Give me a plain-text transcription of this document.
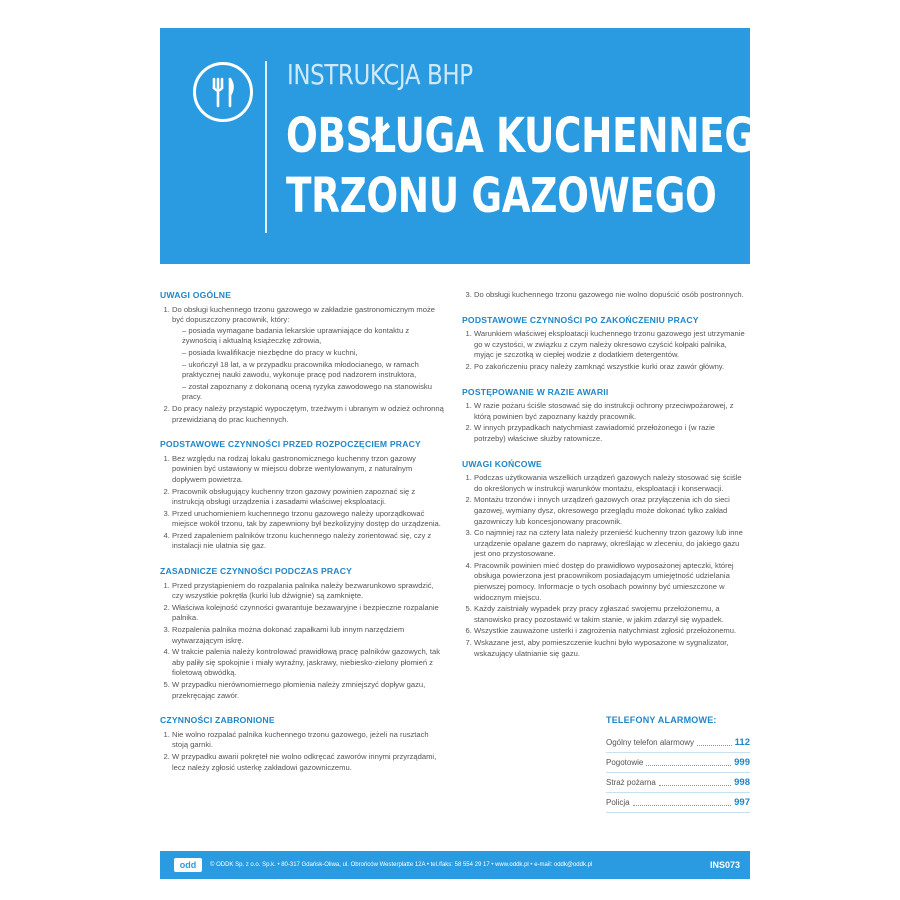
INSTRUKCJA BHP
OBSŁUGA KUCHENNEGO
TRZONU GAZOWEGO
UWAGI OGÓLNE
1. Do obsługi kuchennego trzonu gazowego w zakładzie gastronomicznym może być dopuszczony pracownik, który:
– posiada wymagane badania lekarskie uprawniające do kontaktu z żywnością i aktualną książeczkę zdrowia,
– posiada kwalifikacje niezbędne do pracy w kuchni,
– ukończył 18 lat, a w przypadku pracownika młodocianego, w ramach praktycznej nauki zawodu, wykonuje pracę pod nadzorem instruktora,
– został zapoznany z dokonaną oceną ryzyka zawodowego na stanowisku pracy.
2. Do pracy należy przystąpić wypoczętym, trzeźwym i ubranym w odzież ochronną przewidzianą do prac kuchennych.
PODSTAWOWE CZYNNOŚCI PRZED ROZPOCZĘCIEM PRACY
1. Bez względu na rodzaj lokalu gastronomicznego kuchenny trzon gazowy powinien być ustawiony w miejscu dobrze wentylowanym, z naturalnym dopływem powietrza.
2. Pracownik obsługujący kuchenny trzon gazowy powinien zapoznać się z instrukcją obsługi urządzenia i zasadami właściwej eksploatacji.
3. Przed uruchomieniem kuchennego trzonu gazowego należy uporządkować miejsce wokół trzonu, tak by zapewniony był bezkolizyjny dostęp do urządzenia.
4. Przed zapaleniem palników trzonu kuchennego należy zorientować się, czy z instalacji nie ulatnia się gaz.
ZASADNICZE CZYNNOŚCI PODCZAS PRACY
1. Przed przystąpieniem do rozpalania palnika należy bezwarunkowo sprawdzić, czy wszystkie pokrętła (kurki lub dźwignie) są zamknięte.
2. Właściwa kolejność czynności gwarantuje bezawaryjne i bezpieczne rozpalanie palnika.
3. Rozpalenia palnika można dokonać zapałkami lub innym narzędziem wytwarzającym iskrę.
4. W trakcie palenia należy kontrolować prawidłową pracę palników gazowych, tak aby paliły się spokojnie i miały wyraźny, jaskrawy, niebiesko-zielony płomień z fioletową obwódką.
5. W przypadku nierównomiernego płomienia należy zmniejszyć dopływ gazu, przekręcając zawór.
CZYNNOŚCI ZABRONIONE
1. Nie wolno rozpalać palnika kuchennego trzonu gazowego, jeżeli na rusztach stoją garnki.
2. W przypadku awarii pokręteł nie wolno odkręcać zaworów innymi przyrządami, lecz należy zgłosić usterkę zakładowi gazowniczemu.
3. Do obsługi kuchennego trzonu gazowego nie wolno dopuścić osób postronnych.
PODSTAWOWE CZYNNOŚCI PO ZAKOŃCZENIU PRACY
1. Warunkiem właściwej eksploatacji kuchennego trzonu gazowego jest utrzymanie go w czystości, w związku z czym należy okresowo czyścić kołpaki palnika, myjąc je szczotką w ciepłej wodzie z dodatkiem detergentów.
2. Po zakończeniu pracy należy zamknąć wszystkie kurki oraz zawór główny.
POSTĘPOWANIE W RAZIE AWARII
1. W razie pożaru ściśle stosować się do instrukcji ochrony przeciwpożarowej, z którą powinien być zapoznany każdy pracownik.
2. W innych przypadkach natychmiast zawiadomić przełożonego i (w razie potrzeby) właściwe służby ratownicze.
UWAGI KOŃCOWE
1. Podczas użytkowania wszelkich urządzeń gazowych należy stosować się ściśle do określonych w instrukcji warunków montażu, eksploatacji i konserwacji.
2. Montażu trzonów i innych urządzeń gazowych oraz przyłączenia ich do sieci gazowej, wymiany dysz, okresowego przeglądu może dokonać tylko zakład gazowniczy lub koncesjonowany pracownik.
3. Co najmniej raz na cztery lata należy przenieść kuchenny trzon gazowy lub inne urządzenie opalane gazem do naprawy, określając w zleceniu, do jakiego gazu jest ono przystosowane.
4. Pracownik powinien mieć dostęp do prawidłowo wyposażonej apteczki, której obsługa powierzona jest pracownikom posiadającym umiejętność udzielania pierwszej pomocy. Informacje o tych osobach powinny być umieszczone w widocznym miejscu.
5. Każdy zaistniały wypadek przy pracy zgłaszać swojemu przełożonemu, a stanowisko pracy pozostawić w takim stanie, w jakim zdarzył się wypadek.
6. Wszystkie zauważone usterki i zagrożenia natychmiast zgłosić przełożonemu.
7. Wskazane jest, aby pomieszczenie kuchni było wyposażone w sygnalizator, wskazujący ulatnianie się gazu.
TELEFONY ALARMOWE:
Ogólny telefon alarmowy	112
Pogotowie	999
Straż pożarna	998
Policja	997
odd	© ODDK Sp. z o.o. Sp.k. • 80-317 Gdańsk-Oliwa, ul. Obrońców Westerplatte 12A • tel./faks: 58 554 29 17 • www.oddk.pl • e-mail: oddk@oddk.pl	INS073
